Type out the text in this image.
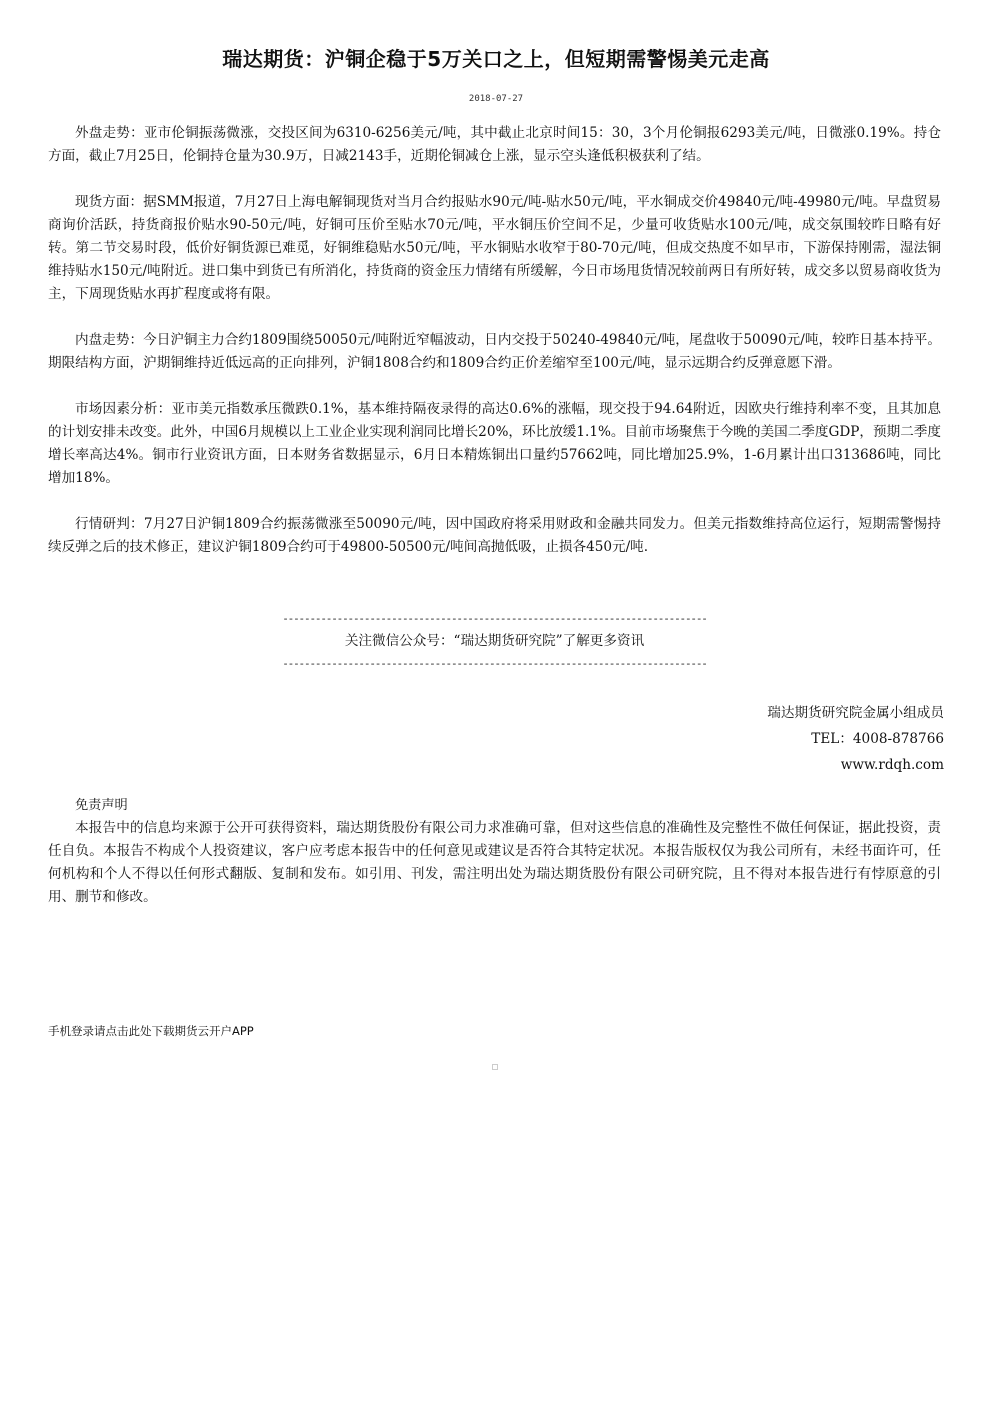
瑞达期货：沪铜企稳于5万关口之上，但短期需警惕美元走高
2018-07-27

外盘走势：亚市伦铜振荡微涨，交投区间为6310-6256美元/吨，其中截止北京时间15：30，3个月伦铜报6293美元/吨，日微涨0.19%。持仓方面，截止7月25日，伦铜持仓量为30.9万，日减2143手，近期伦铜减仓上涨，显示空头逢低积极获利了结。

现货方面：据SMM报道，7月27日上海电解铜现货对当月合约报贴水90元/吨-贴水50元/吨，平水铜成交价49840元/吨-49980元/吨。早盘贸易商询价活跃，持货商报价贴水90-50元/吨，好铜可压价至贴水70元/吨，平水铜压价空间不足，少量可收货贴水100元/吨，成交氛围较昨日略有好转。第二节交易时段，低价好铜货源已难觅，好铜维稳贴水50元/吨，平水铜贴水收窄于80-70元/吨，但成交热度不如早市，下游保持刚需，湿法铜维持贴水150元/吨附近。进口集中到货已有所消化，持货商的资金压力情绪有所缓解，今日市场甩货情况较前两日有所好转，成交多以贸易商收货为主，下周现货贴水再扩程度或将有限。

内盘走势：今日沪铜主力合约1809围绕50050元/吨附近窄幅波动，日内交投于50240-49840元/吨，尾盘收于50090元/吨，较昨日基本持平。期限结构方面，沪期铜维持近低远高的正向排列，沪铜1808合约和1809合约正价差缩窄至100元/吨，显示远期合约反弹意愿下滑。

市场因素分析：亚市美元指数承压微跌0.1%，基本维持隔夜录得的高达0.6%的涨幅，现交投于94.64附近，因欧央行维持利率不变，且其加息的计划安排未改变。此外，中国6月规模以上工业企业实现利润同比增长20%，环比放缓1.1%。目前市场聚焦于今晚的美国二季度GDP，预期二季度增长率高达4%。铜市行业资讯方面，日本财务省数据显示，6月日本精炼铜出口量约57662吨，同比增加25.9%，1-6月累计出口313686吨，同比增加18%。

行情研判：7月27日沪铜1809合约振荡微涨至50090元/吨，因中国政府将采用财政和金融共同发力。但美元指数维持高位运行，短期需警惕持续反弹之后的技术修正，建议沪铜1809合约可于49800-50500元/吨间高抛低吸，止损各450元/吨.

------------------------------------------------------------------------------
关注微信公众号：“瑞达期货研究院”了解更多资讯
------------------------------------------------------------------------------
瑞达期货研究院金属小组成员
TEL：4008-878766
www.rdqh.com
免责声明

本报告中的信息均来源于公开可获得资料，瑞达期货股份有限公司力求准确可靠，但对这些信息的准确性及完整性不做任何保证，据此投资，责任自负。本报告不构成个人投资建议，客户应考虑本报告中的任何意见或建议是否符合其特定状况。本报告版权仅为我公司所有，未经书面许可，任何机构和个人不得以任何形式翻版、复制和发布。如引用、刊发，需注明出处为瑞达期货股份有限公司研究院，且不得对本报告进行有悖原意的引用、删节和修改。

手机登录请点击此处下载期货云开户APP
